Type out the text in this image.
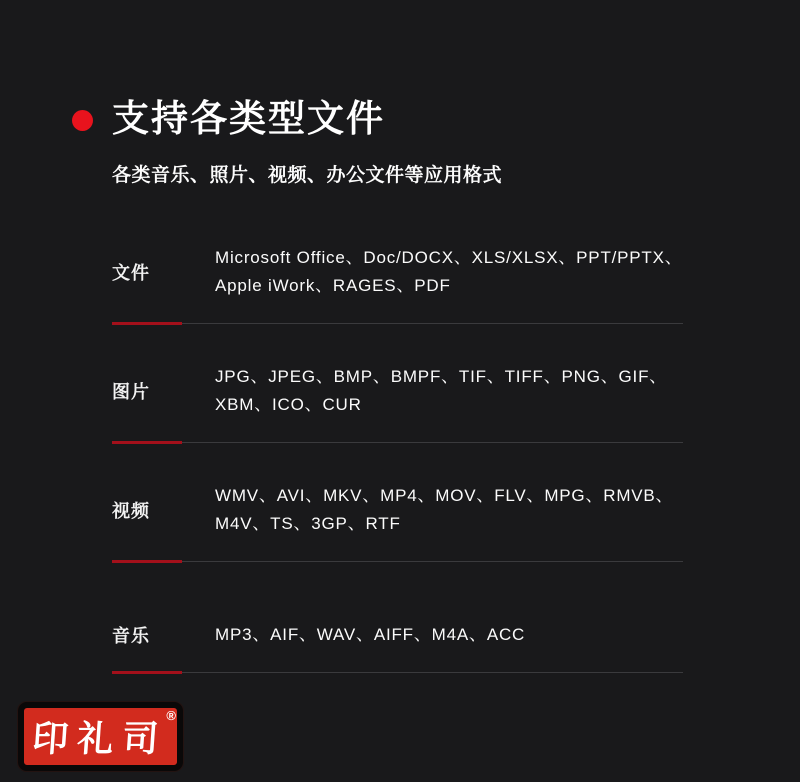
支持各类型文件
各类音乐、照片、视频、办公文件等应用格式
文件
Microsoft Office、Doc/DOCX、XLS/XLSX、PPT/PPTX、Apple iWork、RAGES、PDF
图片
JPG、JPEG、BMP、BMPF、TIF、TIFF、PNG、GIF、XBM、ICO、CUR
视频
WMV、AVI、MKV、MP4、MOV、FLV、MPG、RMVB、M4V、TS、3GP、RTF
音乐	MP3、AIF、WAV、AIFF、M4A、ACC
印礼司
®
